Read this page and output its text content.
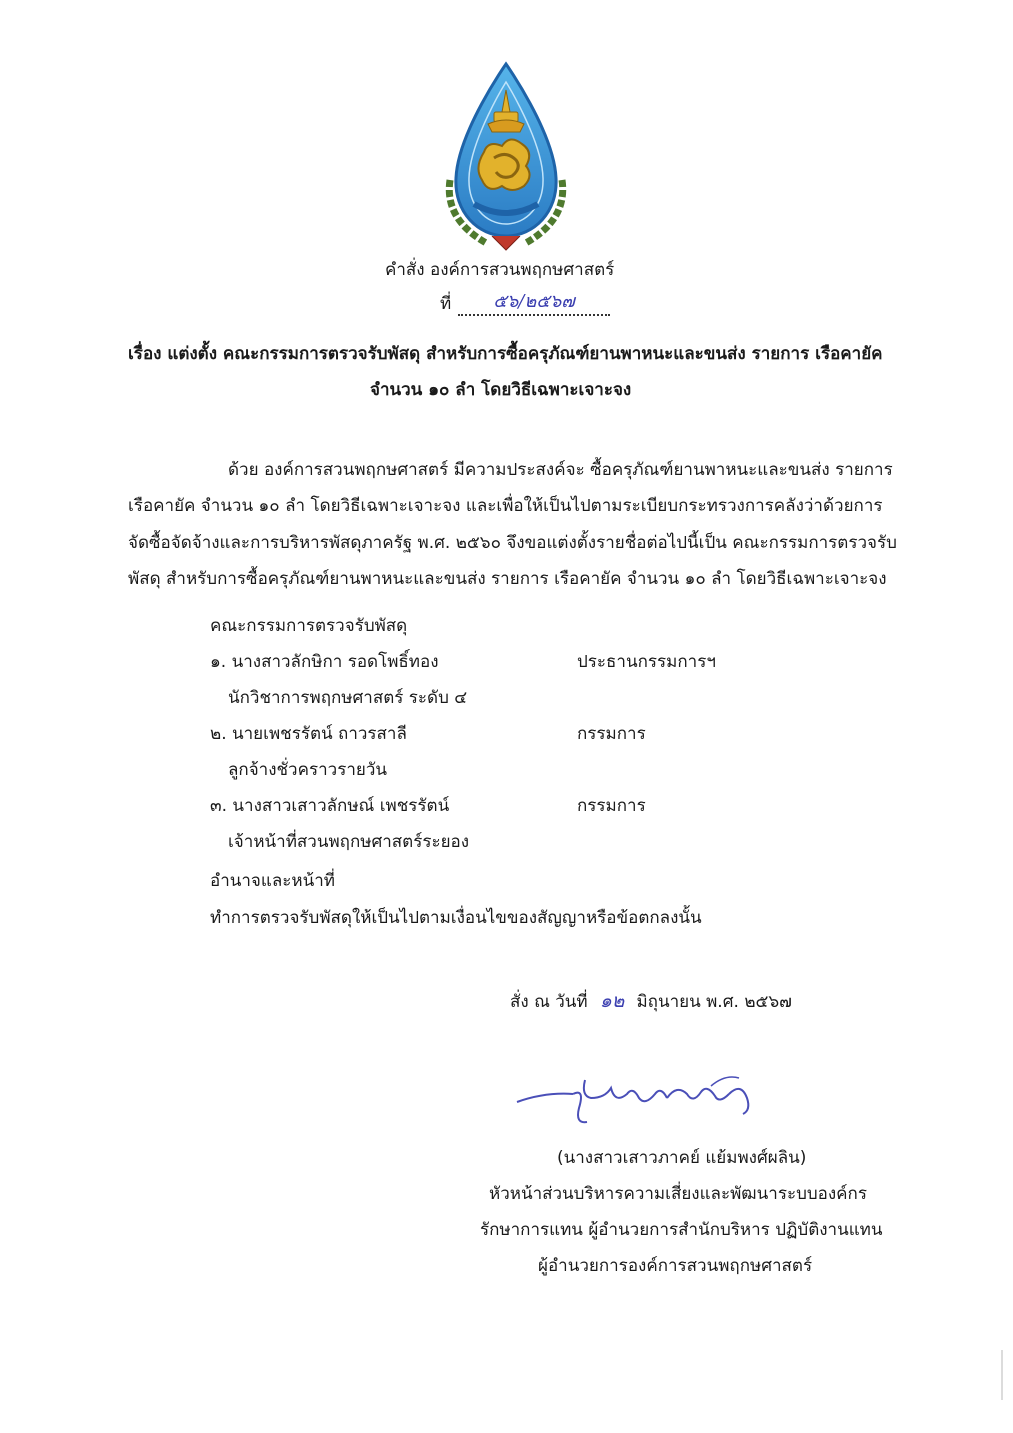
คำสั่ง องค์การสวนพฤกษศาสตร์
ที่	๕๖/๒๕๖๗
เรื่อง แต่งตั้ง คณะกรรมการตรวจรับพัสดุ สำหรับการซื้อครุภัณฑ์ยานพาหนะและขนส่ง รายการ เรือคายัค
จำนวน ๑๐ ลำ โดยวิธีเฉพาะเจาะจง
ด้วย องค์การสวนพฤกษศาสตร์ มีความประสงค์จะ ซื้อครุภัณฑ์ยานพาหนะและขนส่ง รายการ
เรือคายัค จำนวน ๑๐ ลำ โดยวิธีเฉพาะเจาะจง และเพื่อให้เป็นไปตามระเบียบกระทรวงการคลังว่าด้วยการ
จัดซื้อจัดจ้างและการบริหารพัสดุภาครัฐ พ.ศ. ๒๕๖๐ จึงขอแต่งตั้งรายชื่อต่อไปนี้เป็น คณะกรรมการตรวจรับ
พัสดุ สำหรับการซื้อครุภัณฑ์ยานพาหนะและขนส่ง รายการ เรือคายัค จำนวน ๑๐ ลำ โดยวิธีเฉพาะเจาะจง
คณะกรรมการตรวจรับพัสดุ
๑. นางสาวลักษิกา รอดโพธิ์ทอง	ประธานกรรมการฯ
นักวิชาการพฤกษศาสตร์ ระดับ ๔
๒. นายเพชรรัตน์ ถาวรสาลี	กรรมการ
ลูกจ้างชั่วคราวรายวัน
๓. นางสาวเสาวลักษณ์ เพชรรัตน์	กรรมการ
เจ้าหน้าที่สวนพฤกษศาสตร์ระยอง
อำนาจและหน้าที่
ทำการตรวจรับพัสดุให้เป็นไปตามเงื่อนไขของสัญญาหรือข้อตกลงนั้น
สั่ง ณ วันที่ ๑๒ มิถุนายน พ.ศ. ๒๕๖๗
(นางสาวเสาวภาคย์ แย้มพงศ์ผลิน)
หัวหน้าส่วนบริหารความเสี่ยงและพัฒนาระบบองค์กร
รักษาการแทน ผู้อำนวยการสำนักบริหาร ปฏิบัติงานแทน
ผู้อำนวยการองค์การสวนพฤกษศาสตร์
